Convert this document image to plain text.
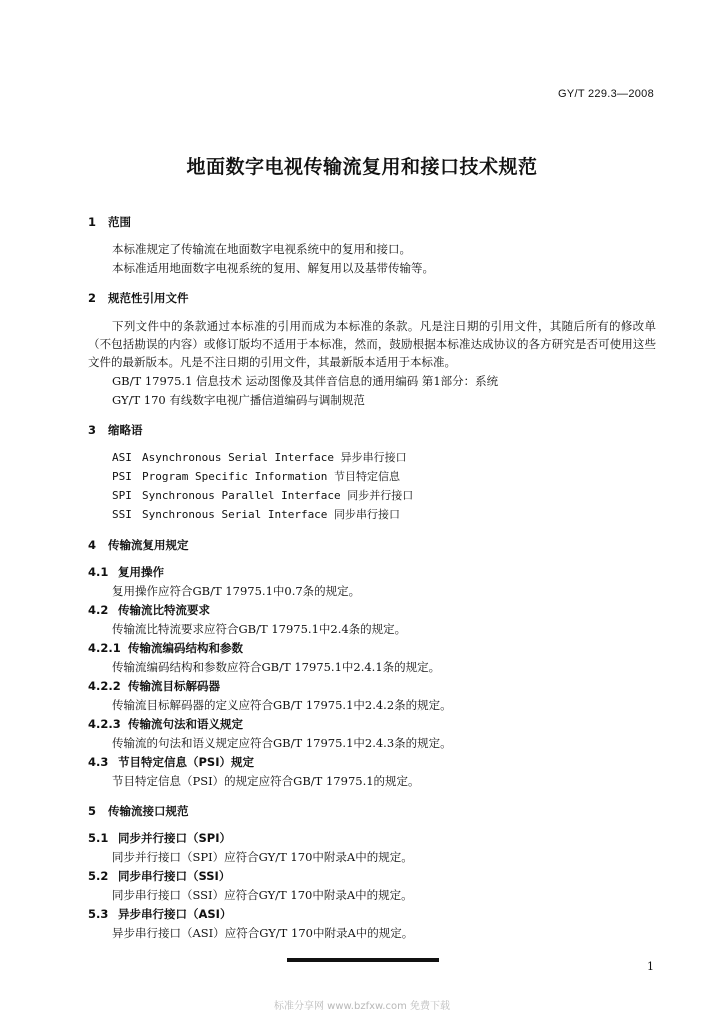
GY/T 229.3—2008
地面数字电视传输流复用和接口技术规范
1 范围
本标准规定了传输流在地面数字电视系统中的复用和接口。
本标准适用地面数字电视系统的复用、解复用以及基带传输等。
2 规范性引用文件
下列文件中的条款通过本标准的引用而成为本标准的条款。凡是注日期的引用文件，其随后所有的修改单（不包括勘误的内容）或修订版均不适用于本标准，然而，鼓励根据本标准达成协议的各方研究是否可使用这些文件的最新版本。凡是不注日期的引用文件，其最新版本适用于本标准。
GB/T 17975.1 信息技术 运动图像及其伴音信息的通用编码 第1部分：系统
GY/T 170 有线数字电视广播信道编码与调制规范
3 缩略语
ASI Asynchronous Serial Interface 异步串行接口
PSI Program Specific Information 节目特定信息
SPI Synchronous Parallel Interface 同步并行接口
SSI Synchronous Serial Interface 同步串行接口
4 传输流复用规定
4.1 复用操作
复用操作应符合GB/T 17975.1中0.7条的规定。
4.2 传输流比特流要求
传输流比特流要求应符合GB/T 17975.1中2.4条的规定。
4.2.1 传输流编码结构和参数
传输流编码结构和参数应符合GB/T 17975.1中2.4.1条的规定。
4.2.2 传输流目标解码器
传输流目标解码器的定义应符合GB/T 17975.1中2.4.2条的规定。
4.2.3 传输流句法和语义规定
传输流的句法和语义规定应符合GB/T 17975.1中2.4.3条的规定。
4.3 节目特定信息（PSI）规定
节目特定信息（PSI）的规定应符合GB/T 17975.1的规定。
5 传输流接口规范
5.1 同步并行接口（SPI）
同步并行接口（SPI）应符合GY/T 170中附录A中的规定。
5.2 同步串行接口（SSI）
同步串行接口（SSI）应符合GY/T 170中附录A中的规定。
5.3 异步串行接口（ASI）
异步串行接口（ASI）应符合GY/T 170中附录A中的规定。
1
标准分享网 www.bzfxw.com 免费下载
